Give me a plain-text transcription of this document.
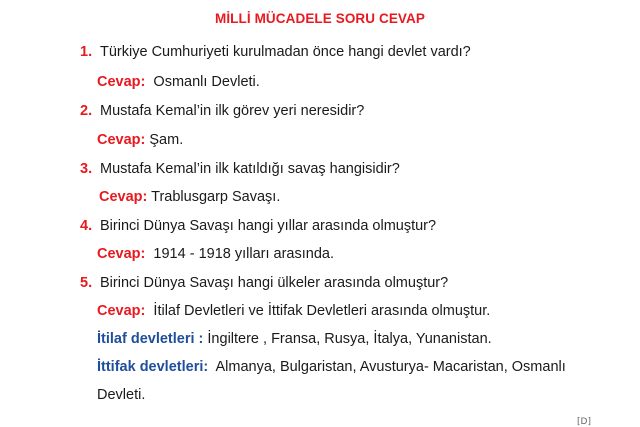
MİLLİ MÜCADELE SORU CEVAP
1. Türkiye Cumhuriyeti kurulmadan önce hangi devlet vardı?
Cevap: Osmanlı Devleti.
2. Mustafa Kemal’in ilk görev yeri neresidir?
Cevap: Şam.
3. Mustafa Kemal’in ilk katıldığı savaş hangisidir?
Cevap: Trablusgarp Savaşı.
4. Birinci Dünya Savaşı hangi yıllar arasında olmuştur?
Cevap: 1914 - 1918 yılları arasında.
5. Birinci Dünya Savaşı hangi ülkeler arasında olmuştur?
Cevap: İtilaf Devletleri ve İttifak Devletleri arasında olmuştur.
İtilaf devletleri : İngiltere , Fransa, Rusya, İtalya, Yunanistan.
İttifak devletleri: Almanya, Bulgaristan, Avusturya- Macaristan, Osmanlı
Devleti.
[D]
